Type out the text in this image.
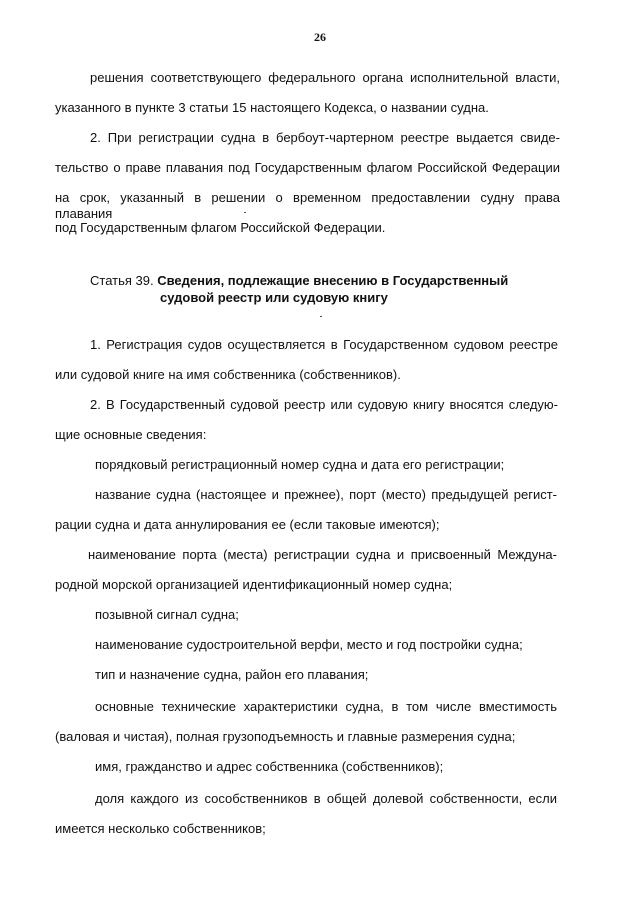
26
решения соответствующего федерального органа исполнительной власти,
указанного в пункте 3 статьи 15 настоящего Кодекса, о названии судна.
2. При регистрации судна в бербоут-чартерном реестре выдается свиде-
тельство о праве плавания под Государственным флагом Российской Федерации
на срок, указанный в решении о временном предоставлении судну права плавания
под Государственным флагом Российской Федерации.
Статья 39. Сведения, подлежащие внесению в Государственный
судовой реестр или судовую книгу
1. Регистрация судов осуществляется в Государственном судовом реестре
или судовой книге на имя собственника (собственников).
2. В Государственный судовой реестр или судовую книгу вносятся следую-
щие основные сведения:
порядковый регистрационный номер судна и дата его регистрации;
название судна (настоящее и прежнее), порт (место) предыдущей регист-
рации судна и дата аннулирования ее (если таковые имеются);
наименование порта (места) регистрации судна и присвоенный Междуна-
родной морской организацией идентификационный номер судна;
позывной сигнал судна;
наименование судостроительной верфи, место и год постройки судна;
тип и назначение судна, район его плавания;
основные технические характеристики судна, в том числе вместимость
(валовая и чистая), полная грузоподъемность и главные размерения судна;
имя, гражданство и адрес собственника (собственников);
доля каждого из сособственников в общей долевой собственности, если
имеется несколько собственников;
